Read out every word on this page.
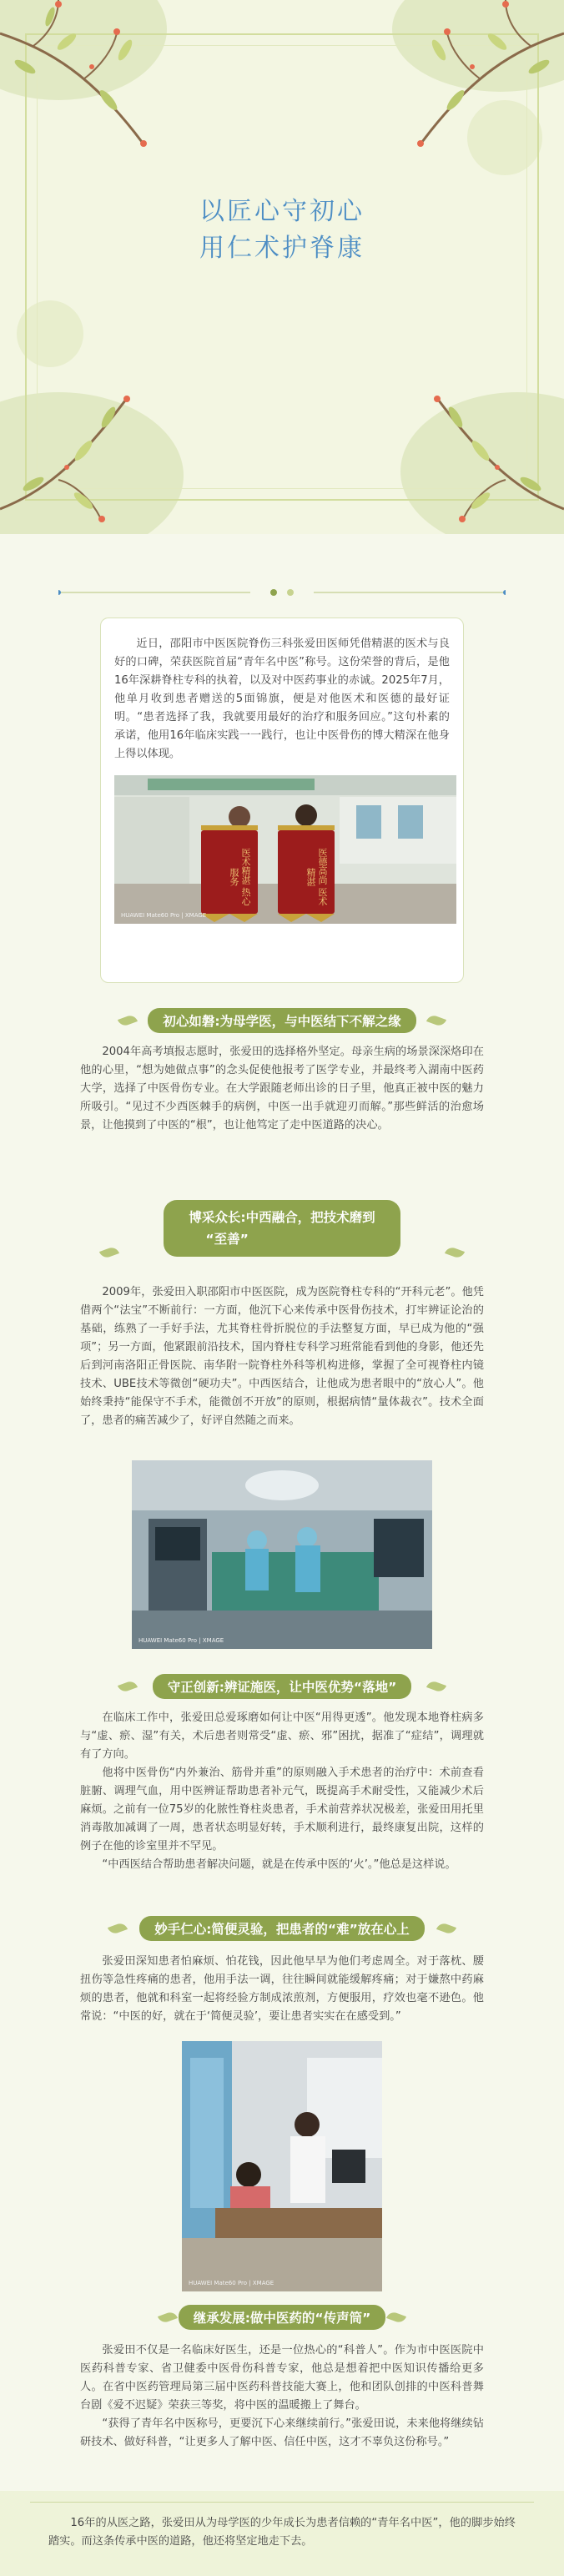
以匠心守初心
用仁术护脊康

近日，邵阳市中医医院脊伤三科张爱田医师凭借精湛的医术与良好的口碑，荣获医院首届“青年名中医”称号。这份荣誉的背后，是他16年深耕脊柱专科的执着，以及对中医药事业的赤诚。2025年7月，他单月收到患者赠送的5面锦旗，便是对他医术和医德的最好证明。“患者选择了我，我就要用最好的治疗和服务回应。”这句朴素的承诺，他用16年临床实践一一践行，也让中医骨伤的博大精深在他身上得以体现。

医术精湛 热心服务	医德高尚 医术精湛
HUAWEI Mate60 Pro | XMAGE
初心如磐:为母学医，与中医结下不解之缘

2004年高考填报志愿时，张爱田的选择格外坚定。母亲生病的场景深深烙印在他的心里，“想为她做点事”的念头促使他报考了医学专业，并最终考入湖南中医药大学，选择了中医骨伤专业。在大学跟随老师出诊的日子里，他真正被中医的魅力所吸引。“见过不少西医棘手的病例，中医一出手就迎刃而解。”那些鲜活的治愈场景，让他摸到了中医的“根”，也让他笃定了走中医道路的决心。

博采众长:中西融合，把技术磨到
“至善”

2009年，张爱田入职邵阳市中医医院，成为医院脊柱专科的“开科元老”。他凭借两个“法宝”不断前行：一方面，他沉下心来传承中医骨伤技术，打牢辨证论治的基础，练熟了一手好手法，尤其脊柱骨折脱位的手法整复方面，早已成为他的“强项”；另一方面，他紧跟前沿技术，国内脊柱专科学习班常能看到他的身影，他还先后到河南洛阳正骨医院、南华附一院脊柱外科等机构进修，掌握了全可视脊柱内镜技术、UBE技术等微创“硬功夫”。中西医结合，让他成为患者眼中的“放心人”。他始终秉持“能保守不手术，能微创不开放”的原则，根据病情“量体裁衣”。技术全面了，患者的痛苦减少了，好评自然随之而来。

HUAWEI Mate60 Pro | XMAGE
守正创新:辨证施医，让中医优势“落地”

在临床工作中，张爱田总爱琢磨如何让中医“用得更透”。他发现本地脊柱病多与“虚、瘀、湿”有关，术后患者则常受“虚、瘀、邪”困扰，据准了“症结”，调理就有了方向。

他将中医骨伤“内外兼治、筋骨并重”的原则融入手术患者的治疗中：术前查看脏腑、调理气血，用中医辨证帮助患者补元气，既提高手术耐受性，又能减少术后麻烦。之前有一位75岁的化脓性脊柱炎患者，手术前营养状况极差，张爱田用托里消毒散加减调了一周，患者状态明显好转，手术顺利进行，最终康复出院，这样的例子在他的诊室里并不罕见。

“中西医结合帮助患者解决问题，就是在传承中医的‘火’。”他总是这样说。

妙手仁心:简便灵验，把患者的“难”放在心上

张爱田深知患者怕麻烦、怕花钱，因此他早早为他们考虑周全。对于落枕、腰扭伤等急性疼痛的患者，他用手法一调，往往瞬间就能缓解疼痛；对于嫌熬中药麻烦的患者，他就和科室一起将经验方制成浓煎剂，方便服用，疗效也毫不逊色。他常说：“中医的好，就在于‘简便灵验’，要让患者实实在在感受到。”

HUAWEI Mate60 Pro | XMAGE
继承发展:做中医药的“传声筒”

张爱田不仅是一名临床好医生，还是一位热心的“科普人”。作为市中医医院中医药科普专家、省卫健委中医骨伤科普专家，他总是想着把中医知识传播给更多人。在省中医药管理局第三届中医药科普技能大赛上，他和团队创排的中医科普舞台剧《爱不迟疑》荣获三等奖，将中医的温暖搬上了舞台。

“获得了青年名中医称号，更要沉下心来继续前行。”张爱田说，未来他将继续钻研技术、做好科普，“让更多人了解中医、信任中医，这才不辜负这份称号。”

16年的从医之路，张爱田从为母学医的少年成长为患者信赖的“青年名中医”，他的脚步始终踏实。而这条传承中医的道路，他还将坚定地走下去。
